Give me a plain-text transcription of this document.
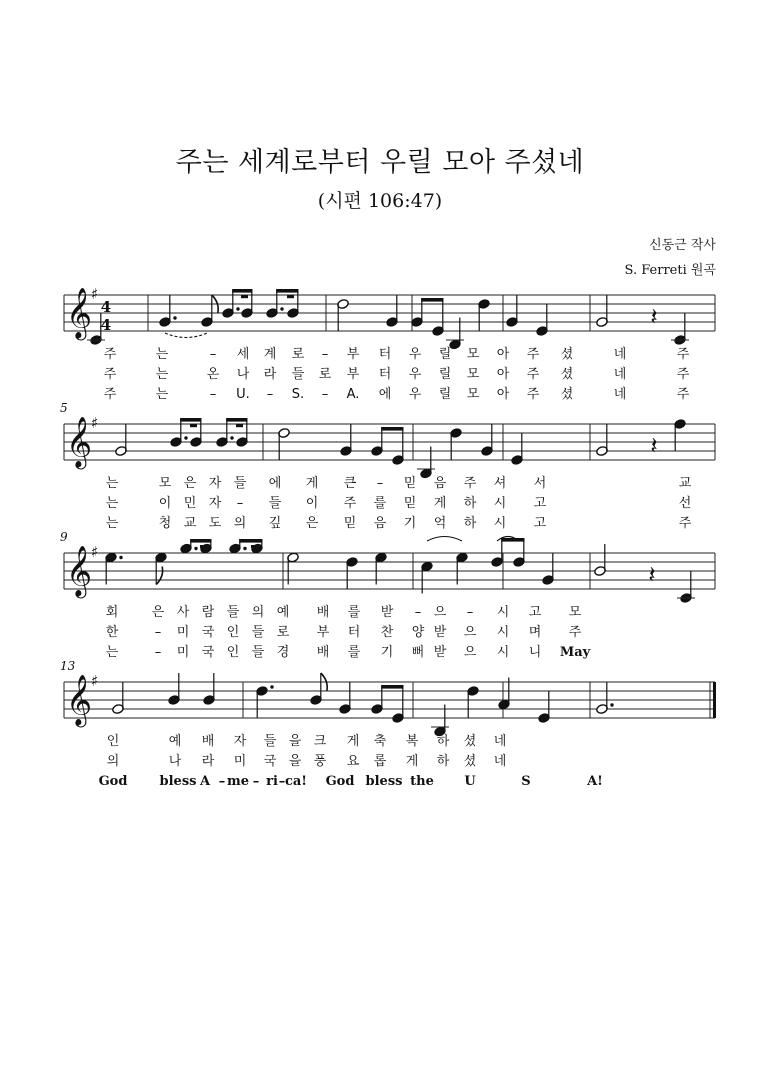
주는 세계로부터 우릴 모아 주셨네
(시편 106:47)
신동근 작사
S. Ferreti 원곡
𝄞
♯
4
4	𝄽
주	는	– 세 계 로 – 부 터 우 릴 모 아 주 셨	네	주
주	는	온 나 라 들 로 부 터 우 릴 모 아 주 셨	네	주
주	는	– U. – S. – A. 에 우 릴 모 아 주 셨	네	주
𝄞
♯
5
𝄽
는	모 은 자 들 에 게 큰 – 믿 음 주 셔 서	교
는	이 민 자 – 들 이 주 를 믿 게 하 시 고	선
는	청 교 도 의 깊 은 믿 음 기 억 하 시 고	주
𝄞
♯
9
𝄽
회	은 사 람 들 의 예 배 를 받 – 으 – 시 고 모
한	– 미 국 인 들 로 부 터 찬 양 받 으 시 며 주
는	– 미 국 인 들 경 배 를 기 뻐 받 으 시 니 May
𝄞
♯
13
인	예 배 자 들 을 크 게 축 복 하 셨 네
의	나 라 미 국 을 풍 요 롭 게 하 셨 네
God bless A – me – ri – ca! God bless the U	S	A!
